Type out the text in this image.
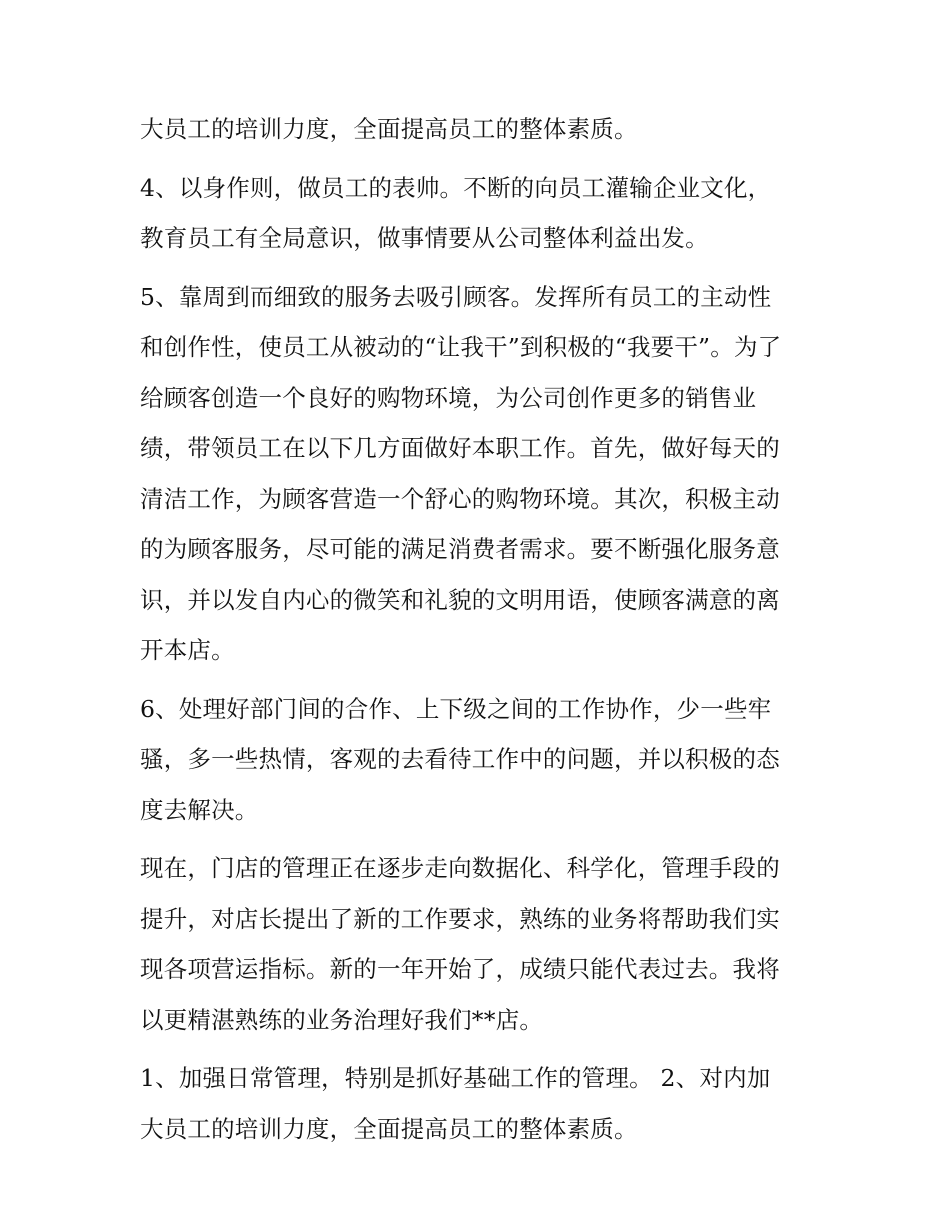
大员工的培训力度，全面提高员工的整体素质。
4、以身作则，做员工的表帅。不断的向员工灌输企业文化，
教育员工有全局意识，做事情要从公司整体利益出发。
5、靠周到而细致的服务去吸引顾客。发挥所有员工的主动性
和创作性，使员工从被动的“让我干”到积极的“我要干”。为了
给顾客创造一个良好的购物环境，为公司创作更多的销售业
绩，带领员工在以下几方面做好本职工作。首先，做好每天的
清洁工作，为顾客营造一个舒心的购物环境。其次，积极主动
的为顾客服务，尽可能的满足消费者需求。要不断强化服务意
识，并以发自内心的微笑和礼貌的文明用语，使顾客满意的离
开本店。
6、处理好部门间的合作、上下级之间的工作协作，少一些牢
骚，多一些热情，客观的去看待工作中的问题，并以积极的态
度去解决。
现在，门店的管理正在逐步走向数据化、科学化，管理手段的
提升，对店长提出了新的工作要求，熟练的业务将帮助我们实
现各项营运指标。新的一年开始了，成绩只能代表过去。我将
以更精湛熟练的业务治理好我们**店。
1、加强日常管理，特别是抓好基础工作的管理。 2、对内加
大员工的培训力度，全面提高员工的整体素质。
